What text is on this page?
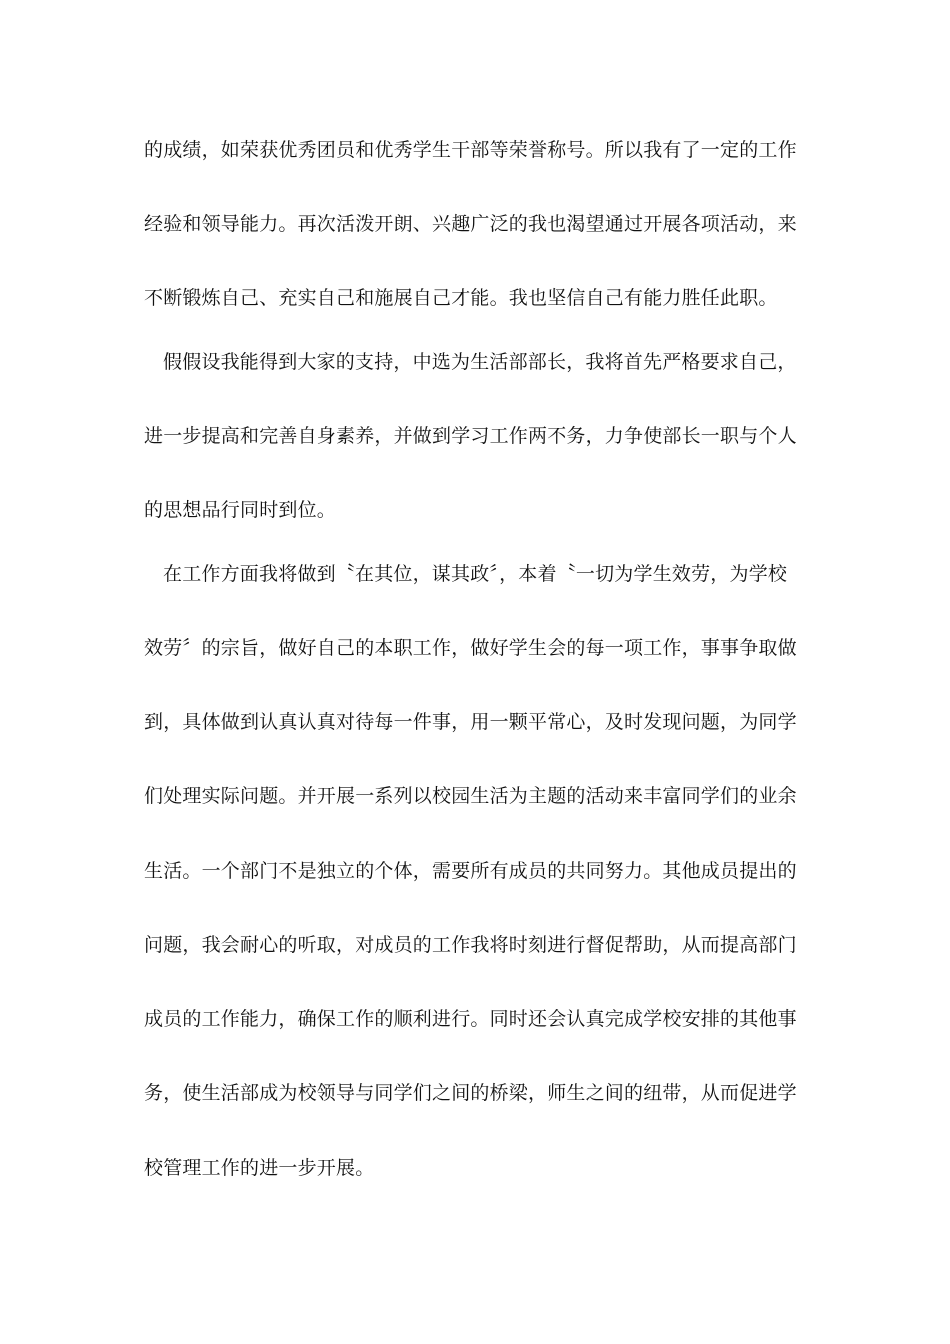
的成绩，如荣获优秀团员和优秀学生干部等荣誉称号。所以我有了一定的工作
经验和领导能力。再次活泼开朗、兴趣广泛的我也渴望通过开展各项活动，来
不断锻炼自己、充实自己和施展自己才能。我也坚信自己有能力胜任此职。
假假设我能得到大家的支持，中选为生活部部长，我将首先严格要求自己，
进一步提高和完善自身素养，并做到学习工作两不务，力争使部长一职与个人
的思想品行同时到位。
在工作方面我将做到〝在其位，谋其政〞，本着〝一切为学生效劳，为学校
效劳〞的宗旨，做好自己的本职工作，做好学生会的每一项工作，事事争取做
到，具体做到认真认真对待每一件事，用一颗平常心，及时发现问题，为同学
们处理实际问题。并开展一系列以校园生活为主题的活动来丰富同学们的业余
生活。一个部门不是独立的个体，需要所有成员的共同努力。其他成员提出的
问题，我会耐心的听取，对成员的工作我将时刻进行督促帮助，从而提高部门
成员的工作能力，确保工作的顺利进行。同时还会认真完成学校安排的其他事
务，使生活部成为校领导与同学们之间的桥梁，师生之间的纽带，从而促进学
校管理工作的进一步开展。
